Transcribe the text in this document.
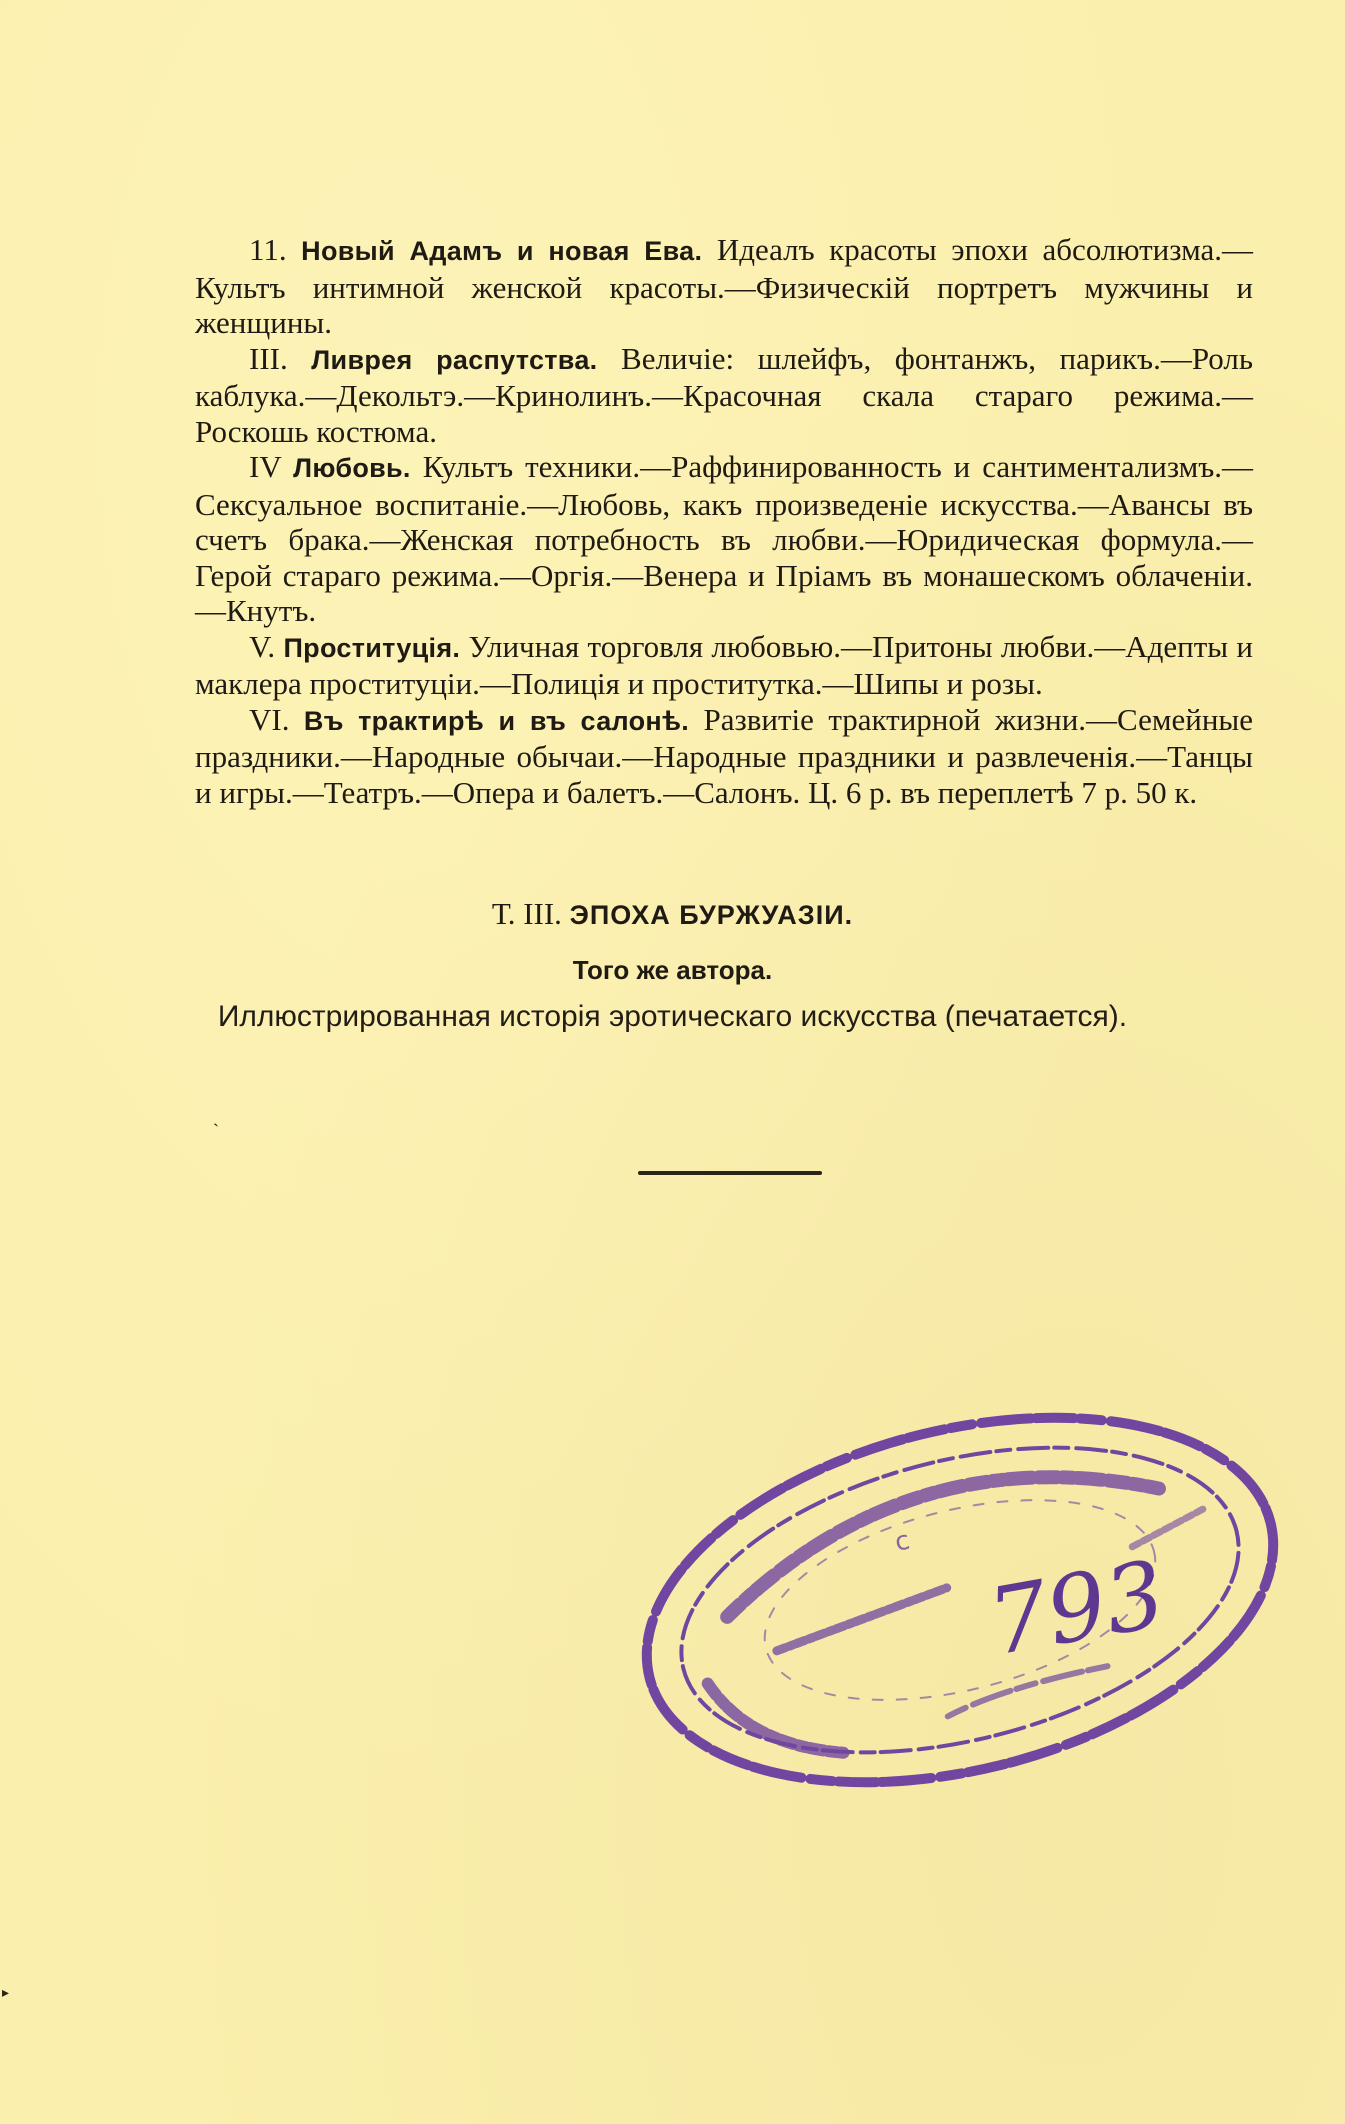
11. Новый Адамъ и новая Ева. Идеалъ красоты эпохи абсолютизма.—Культъ интимной женской красоты.—Физическій портретъ мужчины и женщины.

III. Ливрея распутства. Величіе: шлейфъ, фонтанжъ, парикъ.—Роль каблука.—Декольтэ.—Кринолинъ.—Красочная скала стараго режима.—Роскошь костюма.

IV Любовь. Культъ техники.—Раффинированность и сантиментализмъ.— Сексуальное воспитаніе.—Любовь, какъ произведеніе искусства.—Авансы въ счетъ брака.—Женская потребность въ любви.—Юридическая формула.—Герой стараго режима.—Оргія.—Венера и Пріамъ въ монашескомъ облаченіи.—Кнутъ.

V. Проституція. Уличная торговля любовью.—Притоны любви.—Адепты и маклера проституціи.—Полиція и проститутка.—Шипы и розы.

VI. Въ трактирѣ и въ салонѣ. Развитіе трактирной жизни.—Семейные праздники.—Народные обычаи.—Народные праздники и развлеченія.—Танцы и игры.—Театръ.—Опера и балетъ.—Салонъ. Ц. 6 р. въ переплетѣ 7 р. 50 к.

Т. III. ЭПОХА БУРЖУАЗІИ.
Того же автора.
Иллюстрированная исторія эротическаго искусства (печатается).
˴
▸
793
с
